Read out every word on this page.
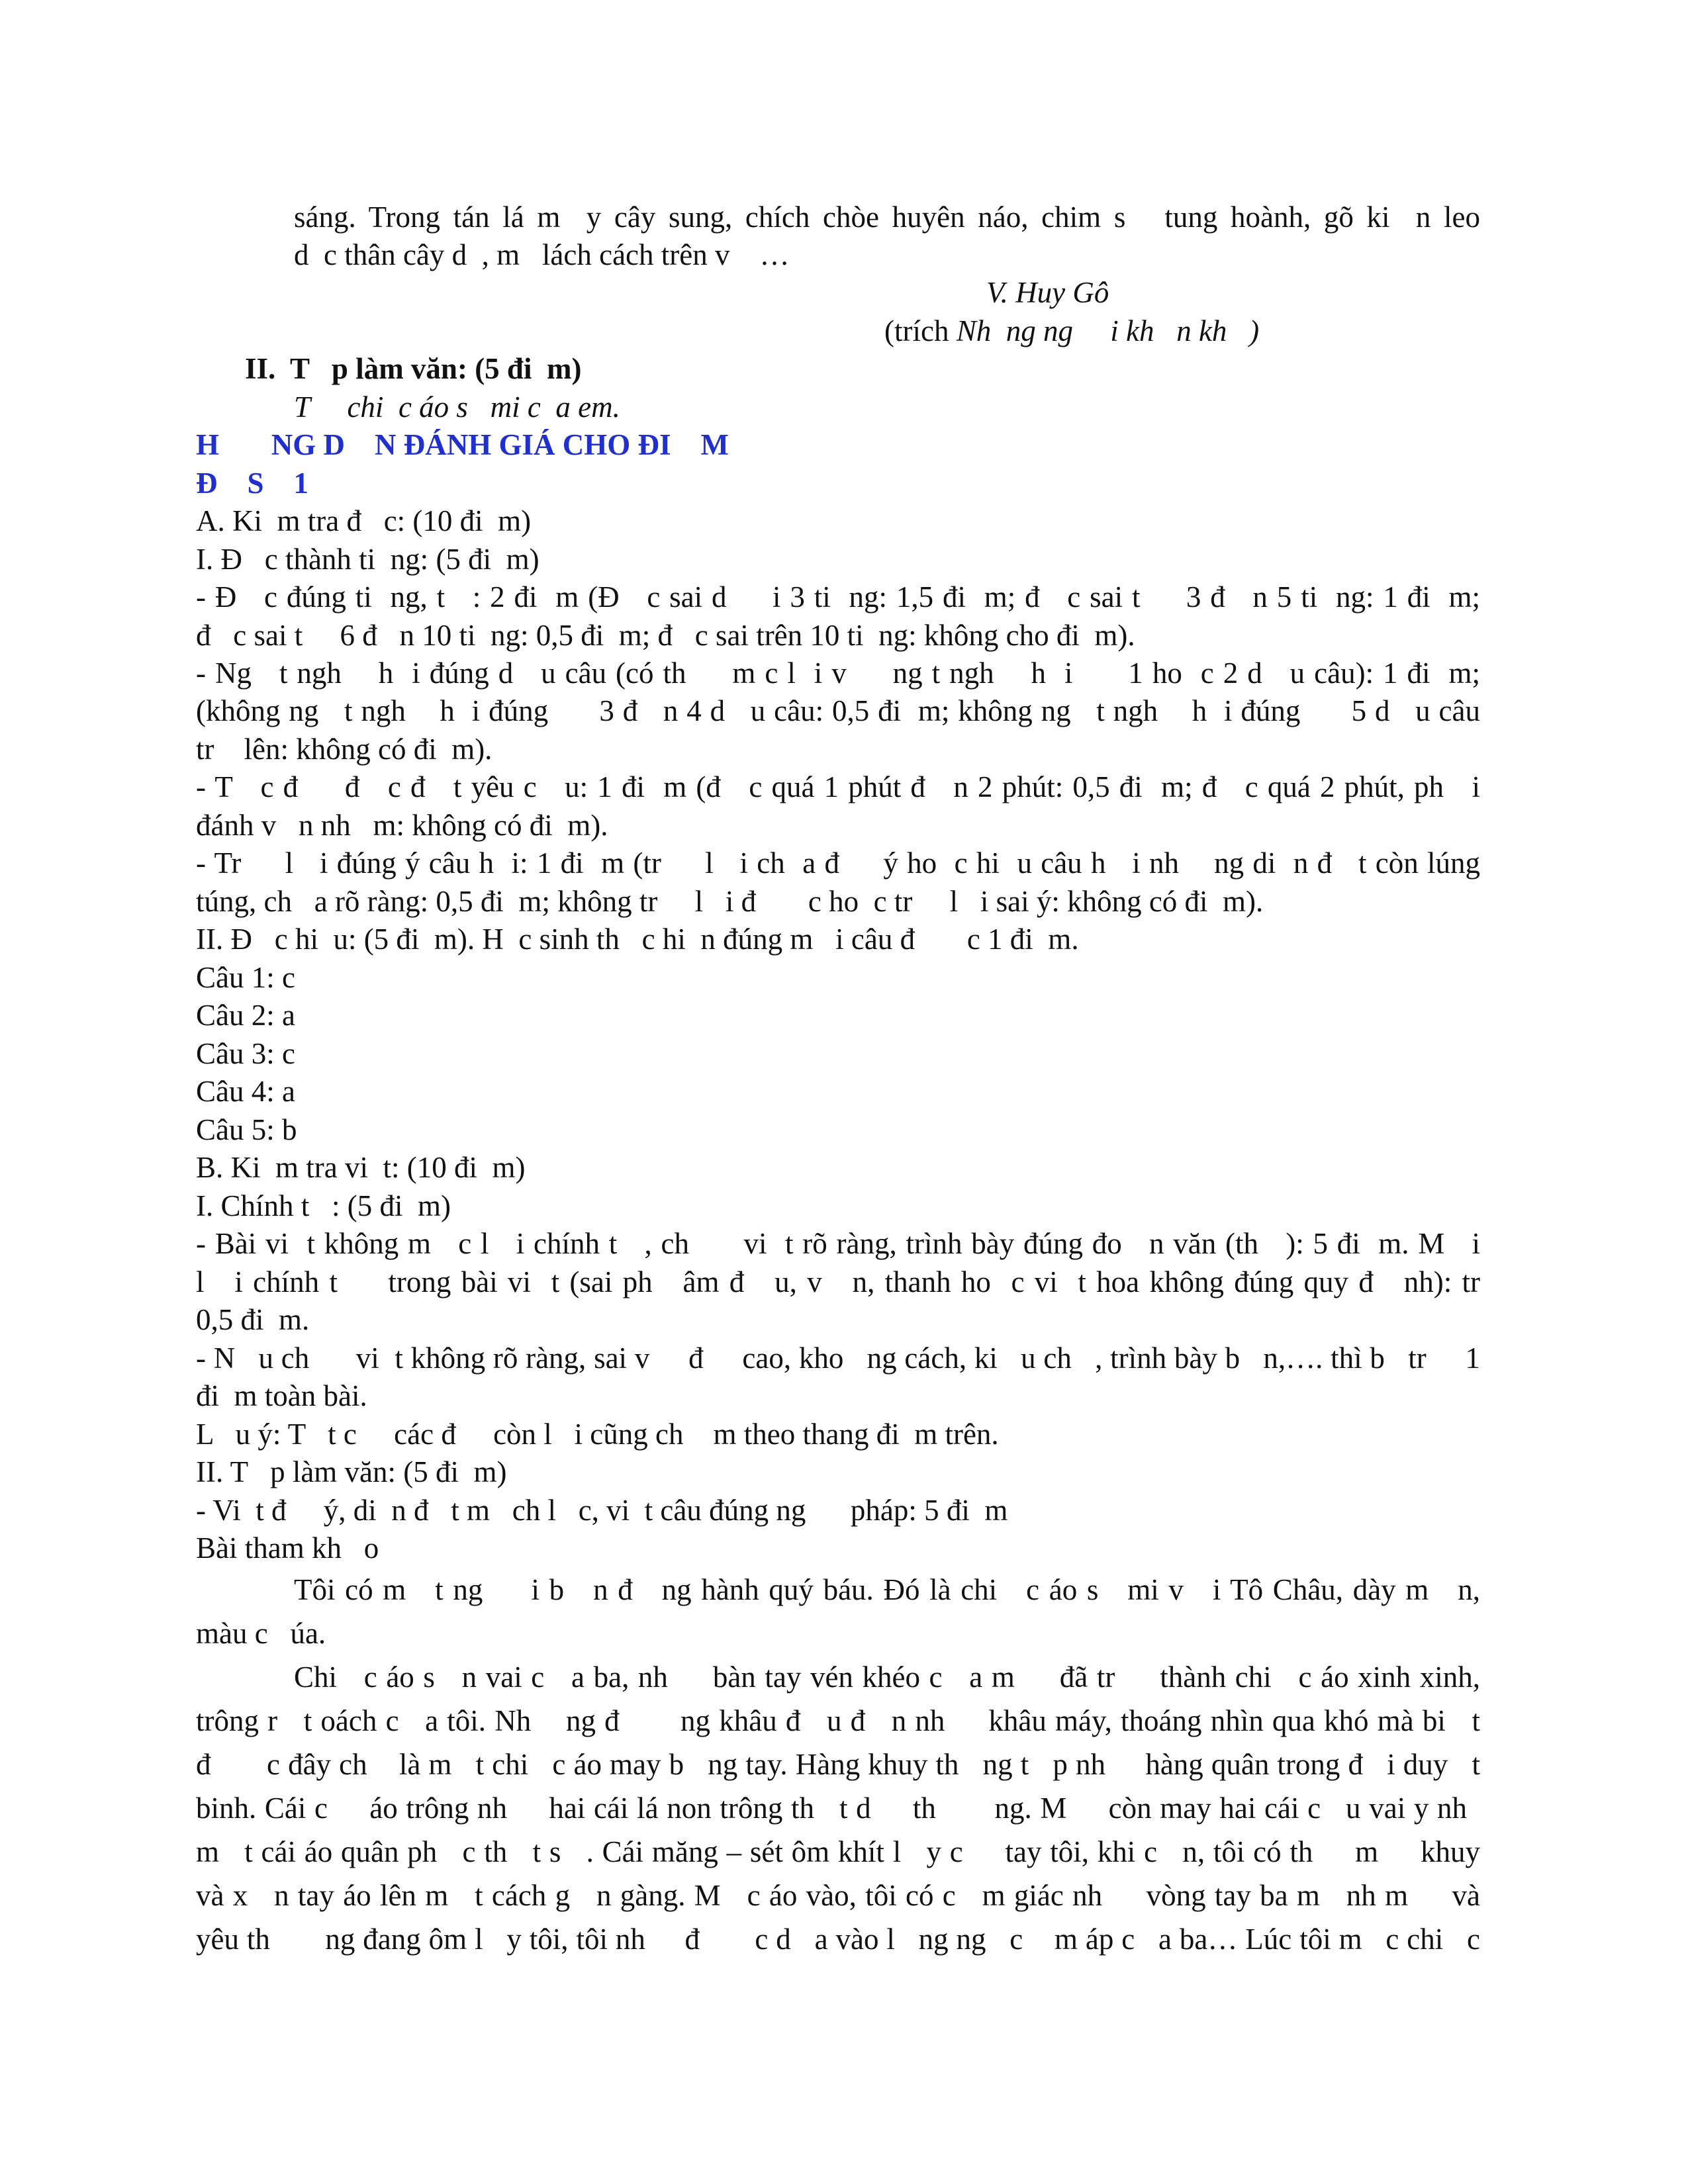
sáng. Trong tán lá m  y cây sung, chích chòe huyên náo, chim s   tung hoành, gõ ki  n leo
d  c thân cây d  , m   lách cách trên v    …
V. Huy Gô
(trích Nh  ng ng     i kh   n kh   )
II.  T   p làm văn: (5 đi  m)
T     chi  c áo s   mi c  a em.
H       NG D    N ĐÁNH GIÁ CHO ĐI    M
Đ    S    1
A. Ki  m tra đ   c: (10 đi  m)
I. Đ   c thành ti  ng: (5 đi  m)
- Đ   c đúng ti  ng, t   : 2 đi  m (Đ   c sai d     i 3 ti  ng: 1,5 đi  m; đ   c sai t     3 đ   n 5 ti  ng: 1 đi  m;
đ   c sai t     6 đ   n 10 ti  ng: 0,5 đi  m; đ   c sai trên 10 ti  ng: không cho đi  m).
- Ng   t ngh    h  i đúng d   u câu (có th     m c l  i v     ng t ngh    h  i      1 ho  c 2 d   u câu): 1 đi  m;
(không ng   t ngh    h  i đúng      3 đ   n 4 d   u câu: 0,5 đi  m; không ng   t ngh    h  i đúng      5 d   u câu
tr    lên: không có đi  m).
- T   c đ     đ   c đ   t yêu c   u: 1 đi  m (đ   c quá 1 phút đ   n 2 phút: 0,5 đi  m; đ   c quá 2 phút, ph   i
đánh v   n nh   m: không có đi  m).
- Tr     l   i đúng ý câu h  i: 1 đi  m (tr     l   i ch  a đ     ý ho  c hi  u câu h   i nh    ng di  n đ   t còn lúng
túng, ch   a rõ ràng: 0,5 đi  m; không tr     l   i đ       c ho  c tr     l   i sai ý: không có đi  m).
II. Đ   c hi  u: (5 đi  m). H  c sinh th   c hi  n đúng m   i câu đ       c 1 đi  m.
Câu 1: c
Câu 2: a
Câu 3: c
Câu 4: a
Câu 5: b
B. Ki  m tra vi  t: (10 đi  m)
I. Chính t   : (5 đi  m)
- Bài vi  t không m   c l   i chính t   , ch      vi  t rõ ràng, trình bày đúng đo   n văn (th   ): 5 đi  m. M   i
l   i chính t     trong bài vi  t (sai ph   âm đ   u, v   n, thanh ho  c vi  t hoa không đúng quy đ   nh): tr
0,5 đi  m.
- N   u ch      vi  t không rõ ràng, sai v     đ     cao, kho   ng cách, ki   u ch   , trình bày b   n,…. thì b   tr     1
đi  m toàn bài.
L   u ý: T   t c     các đ     còn l   i cũng ch    m theo thang đi  m trên.
II. T   p làm văn: (5 đi  m)
- Vi  t đ     ý, di  n đ   t m   ch l   c, vi  t câu đúng ng      pháp: 5 đi  m
Bài tham kh   o
Tôi có m   t ng     i b   n đ   ng hành quý báu. Đó là chi   c áo s   mi v   i Tô Châu, dày m   n,
màu c   úa.
Chi   c áo s   n vai c   a ba, nh     bàn tay vén khéo c   a m     đã tr     thành chi   c áo xinh xinh,
trông r   t oách c   a tôi. Nh    ng đ       ng khâu đ   u đ   n nh     khâu máy, thoáng nhìn qua khó mà bi   t
đ       c đây ch    là m   t chi   c áo may b   ng tay. Hàng khuy th   ng t   p nh     hàng quân trong đ   i duy   t
binh. Cái c     áo trông nh     hai cái lá non trông th   t d     th       ng. M     còn may hai cái c   u vai y nh
m   t cái áo quân ph   c th   t s   . Cái măng – sét ôm khít l   y c     tay tôi, khi c   n, tôi có th     m     khuy
và x   n tay áo lên m   t cách g   n gàng. M   c áo vào, tôi có c   m giác nh     vòng tay ba m   nh m     và
yêu th       ng đang ôm l   y tôi, tôi nh     đ       c d   a vào l   ng ng   c    m áp c   a ba… Lúc tôi m   c chi   c
